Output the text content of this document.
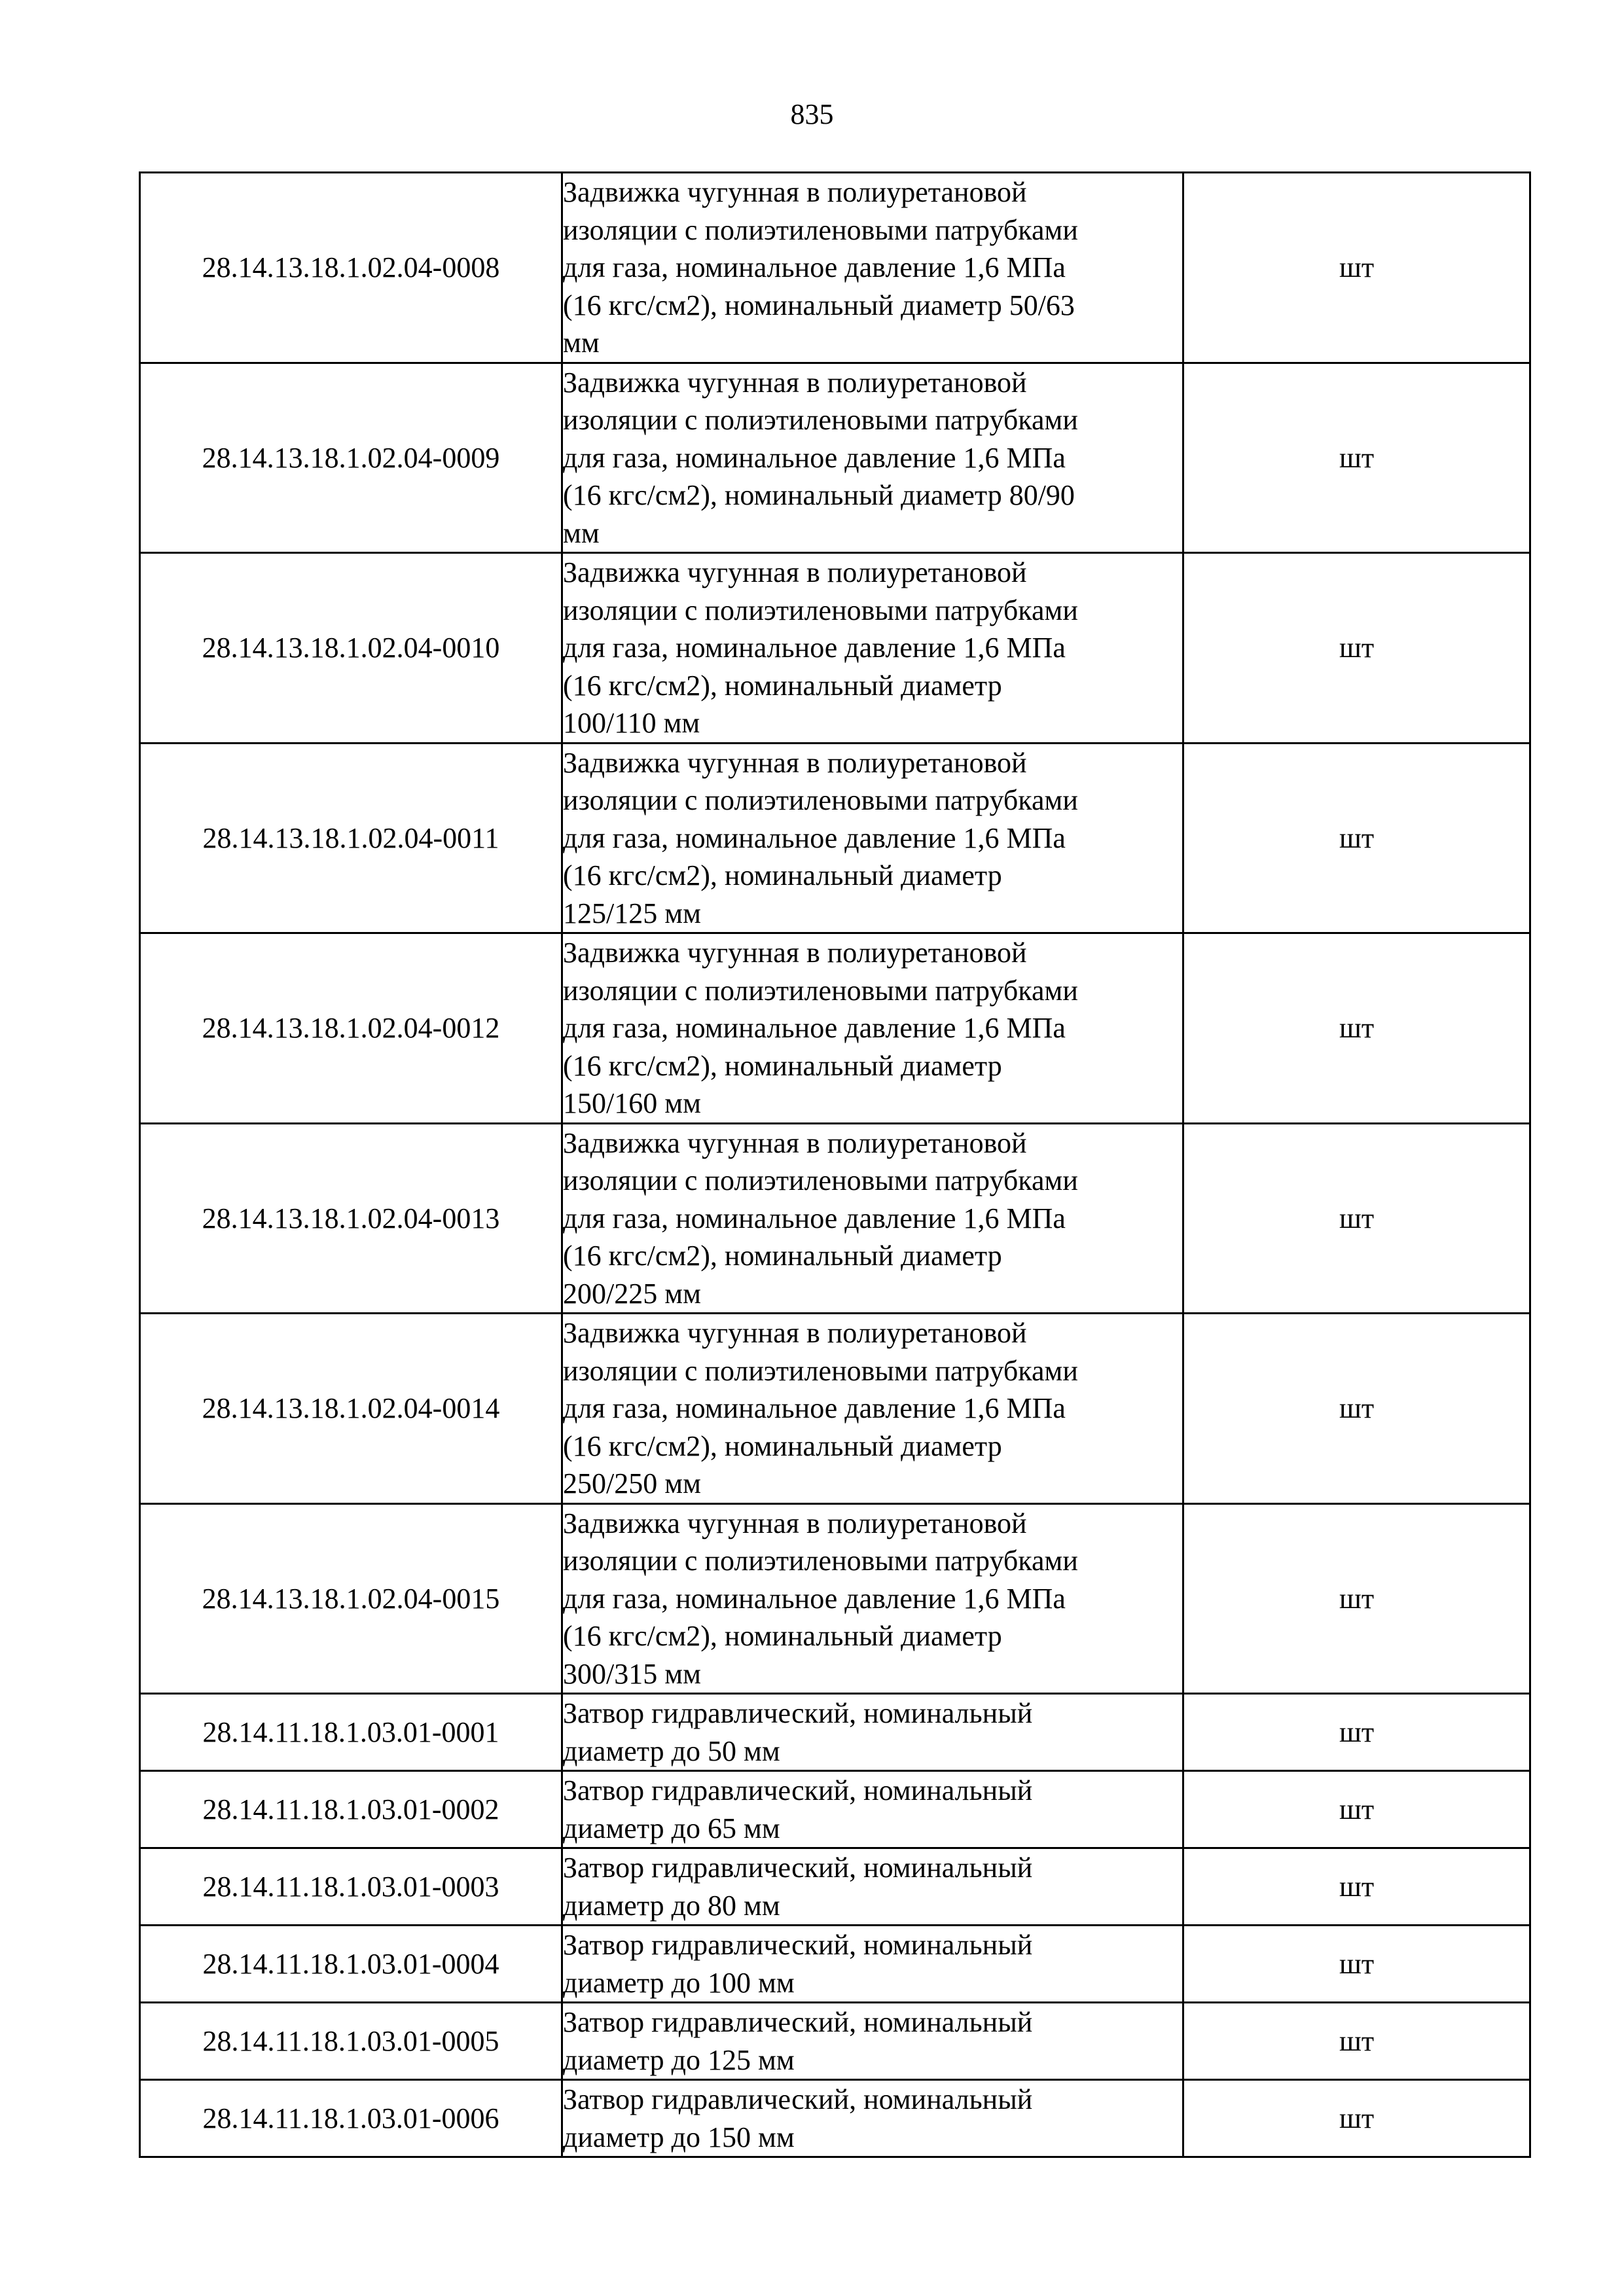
835
28.14.13.18.1.02.04-0008	Задвижка чугунная в полиуретановой
изоляции с полиэтиленовыми патрубками
для газа, номинальное давление 1,6 МПа
(16 кгс/см2), номинальный диаметр 50/63
мм	шт
28.14.13.18.1.02.04-0009	Задвижка чугунная в полиуретановой
изоляции с полиэтиленовыми патрубками
для газа, номинальное давление 1,6 МПа
(16 кгс/см2), номинальный диаметр 80/90
мм	шт
28.14.13.18.1.02.04-0010	Задвижка чугунная в полиуретановой
изоляции с полиэтиленовыми патрубками
для газа, номинальное давление 1,6 МПа
(16 кгс/см2), номинальный диаметр
100/110 мм	шт
28.14.13.18.1.02.04-0011	Задвижка чугунная в полиуретановой
изоляции с полиэтиленовыми патрубками
для газа, номинальное давление 1,6 МПа
(16 кгс/см2), номинальный диаметр
125/125 мм	шт
28.14.13.18.1.02.04-0012	Задвижка чугунная в полиуретановой
изоляции с полиэтиленовыми патрубками
для газа, номинальное давление 1,6 МПа
(16 кгс/см2), номинальный диаметр
150/160 мм	шт
28.14.13.18.1.02.04-0013	Задвижка чугунная в полиуретановой
изоляции с полиэтиленовыми патрубками
для газа, номинальное давление 1,6 МПа
(16 кгс/см2), номинальный диаметр
200/225 мм	шт
28.14.13.18.1.02.04-0014	Задвижка чугунная в полиуретановой
изоляции с полиэтиленовыми патрубками
для газа, номинальное давление 1,6 МПа
(16 кгс/см2), номинальный диаметр
250/250 мм	шт
28.14.13.18.1.02.04-0015	Задвижка чугунная в полиуретановой
изоляции с полиэтиленовыми патрубками
для газа, номинальное давление 1,6 МПа
(16 кгс/см2), номинальный диаметр
300/315 мм	шт
28.14.11.18.1.03.01-0001	Затвор гидравлический, номинальный
диаметр до 50 мм	шт
28.14.11.18.1.03.01-0002	Затвор гидравлический, номинальный
диаметр до 65 мм	шт
28.14.11.18.1.03.01-0003	Затвор гидравлический, номинальный
диаметр до 80 мм	шт
28.14.11.18.1.03.01-0004	Затвор гидравлический, номинальный
диаметр до 100 мм	шт
28.14.11.18.1.03.01-0005	Затвор гидравлический, номинальный
диаметр до 125 мм	шт
28.14.11.18.1.03.01-0006	Затвор гидравлический, номинальный
диаметр до 150 мм	шт
